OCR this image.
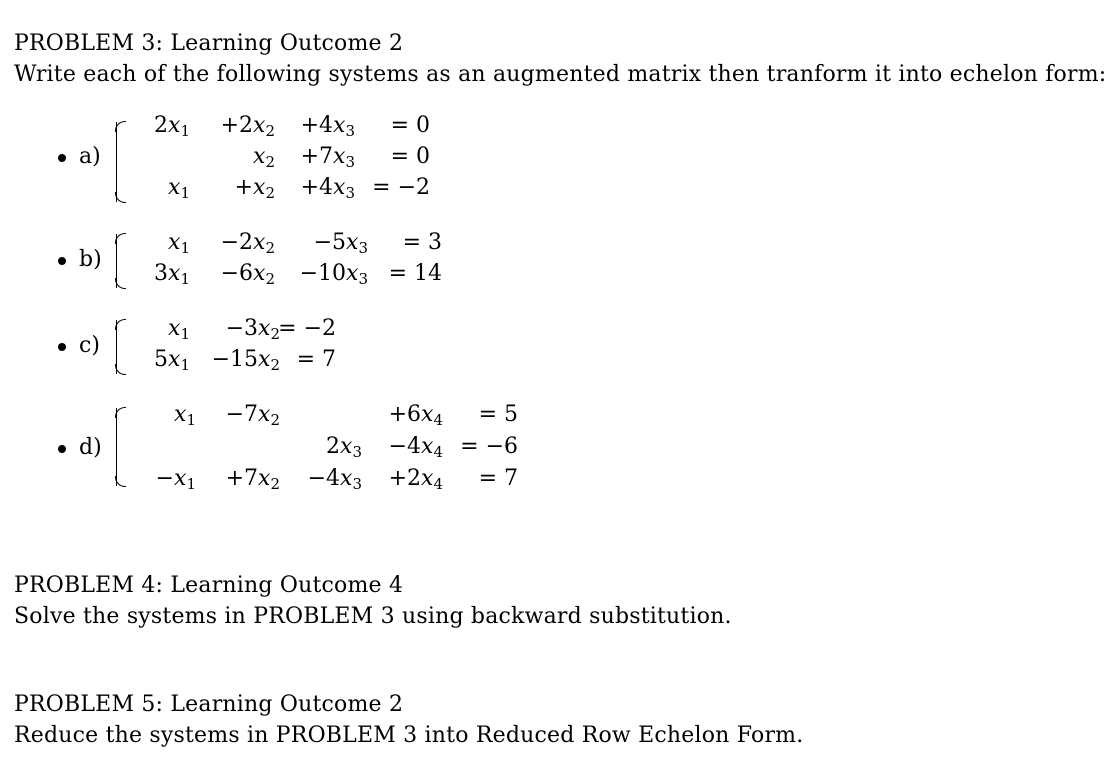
PROBLEM 3: Learning Outcome 2
Write each of the following systems as an augmented matrix then tranform it into echelon form:
a)
$2x_1 +2x_2 +4x_3 = 0$
$x_2 +7x_3 = 0$
$x_1 +x_2 +4x_3 = -2$
b)
$x_1 -2x_2 -5x_3 = 3$
$3x_1 -6x_2 -10x_3 = 14$
c)
$x_1 -3x_2$
= −2
$5x_1 -15x_2 = 7$
d)
$x_1 -7x_2$	$+6x_4 = 5$
$2x_3 -4x_4 = -6$
$-x_1 +7x_2 -4x_3 +2x_4 = 7$
PROBLEM 4: Learning Outcome 4
Solve the systems in PROBLEM 3 using backward substitution.
PROBLEM 5: Learning Outcome 2
Reduce the systems in PROBLEM 3 into Reduced Row Echelon Form.
